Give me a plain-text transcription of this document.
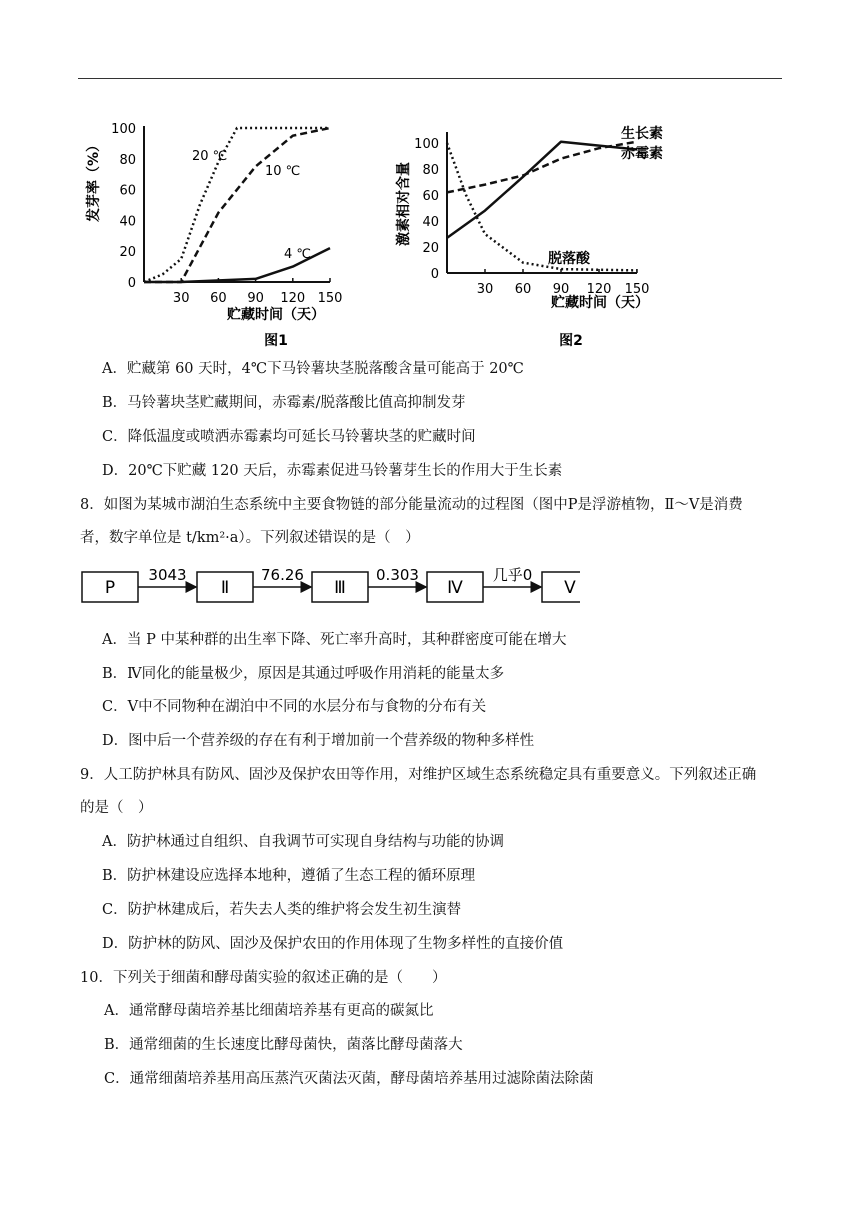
发芽率（%）
0
20
40
60
80
100
30 60 90 120 150
20 ℃
10 ℃
4 ℃
贮藏时间（天）
图1
激素相对含量
0
20
40
60
80
100
30 60 90 120 150
生长素
赤霉素
脱落酸
贮藏时间（天）
图2
A．贮藏第 60 天时，4℃下马铃薯块茎脱落酸含量可能高于 20℃
B．马铃薯块茎贮藏期间，赤霉素/脱落酸比值高抑制发芽
C．降低温度或喷洒赤霉素均可延长马铃薯块茎的贮藏时间
D．20℃下贮藏 120 天后，赤霉素促进马铃薯芽生长的作用大于生长素
8．如图为某城市湖泊生态系统中主要食物链的部分能量流动的过程图（图中P是浮游植物，Ⅱ～Ⅴ是消费
者，数字单位是 t/km²·a）。下列叙述错误的是（　）
P
3043
Ⅱ
76.26
Ⅲ
0.303
Ⅳ
几乎0
Ⅴ
A．当 P 中某种群的出生率下降、死亡率升高时，其种群密度可能在增大
B．Ⅳ同化的能量极少，原因是其通过呼吸作用消耗的能量太多
C．Ⅴ中不同物种在湖泊中不同的水层分布与食物的分布有关
D．图中后一个营养级的存在有利于增加前一个营养级的物种多样性
9．人工防护林具有防风、固沙及保护农田等作用，对维护区域生态系统稳定具有重要意义。下列叙述正确
的是（　）
A．防护林通过自组织、自我调节可实现自身结构与功能的协调
B．防护林建设应选择本地种，遵循了生态工程的循环原理
C．防护林建成后，若失去人类的维护将会发生初生演替
D．防护林的防风、固沙及保护农田的作用体现了生物多样性的直接价值
10．下列关于细菌和酵母菌实验的叙述正确的是（　　）
A．通常酵母菌培养基比细菌培养基有更高的碳氮比
B．通常细菌的生长速度比酵母菌快，菌落比酵母菌落大
C．通常细菌培养基用高压蒸汽灭菌法灭菌，酵母菌培养基用过滤除菌法除菌
